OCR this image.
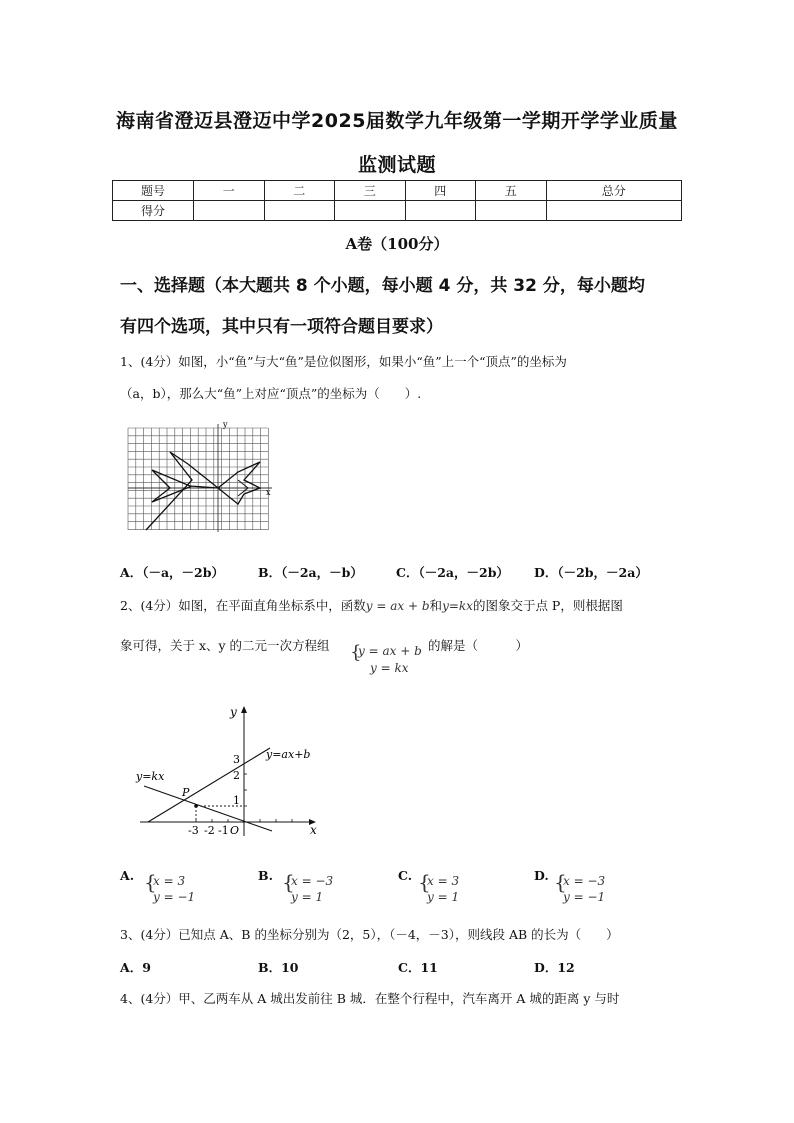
海南省澄迈县澄迈中学2025届数学九年级第一学期开学学业质量
监测试题
题号	一	二	三	四	五	总分
得分						
A卷（100分）
一、选择题（本大题共 8 个小题，每小题 4 分，共 32 分，每小题均
有四个选项，其中只有一项符合题目要求）
1、(4分）如图，小“鱼”与大“鱼”是位似图形，如果小“鱼”上一个“顶点”的坐标为
（a，b），那么大“鱼”上对应“顶点”的坐标为（　　）.
y
x
A．（－a，－2b）	B．（－2a，－b）	C．（－2a，－2b） D．（－2b，－2a）
2、(4分）如图，在平面直角坐标系中，函数y = ax + b和y=kx的图象交于点 P，则根据图
象可得，关于 x、y 的二元一次方程组 {
y = ax + b
y = kx
的解是（　　　）
y
x
O
y=ax+b
y=kx
P
3
2
1
-3 -2 -1
A. {
x = 3
y = −1
B. {
x = −3
y = 1
C. {
x = 3
y = 1
D. {
x = −3
y = −1
3、(4分）已知点 A、B 的坐标分别为（2，5），（－4，－3），则线段 AB 的长为（　　）
A．9	B．10	C．11	D．12
4、(4分）甲、乙两车从 A 城出发前往 B 城．在整个行程中，汽车离开 A 城的距离 y 与时
